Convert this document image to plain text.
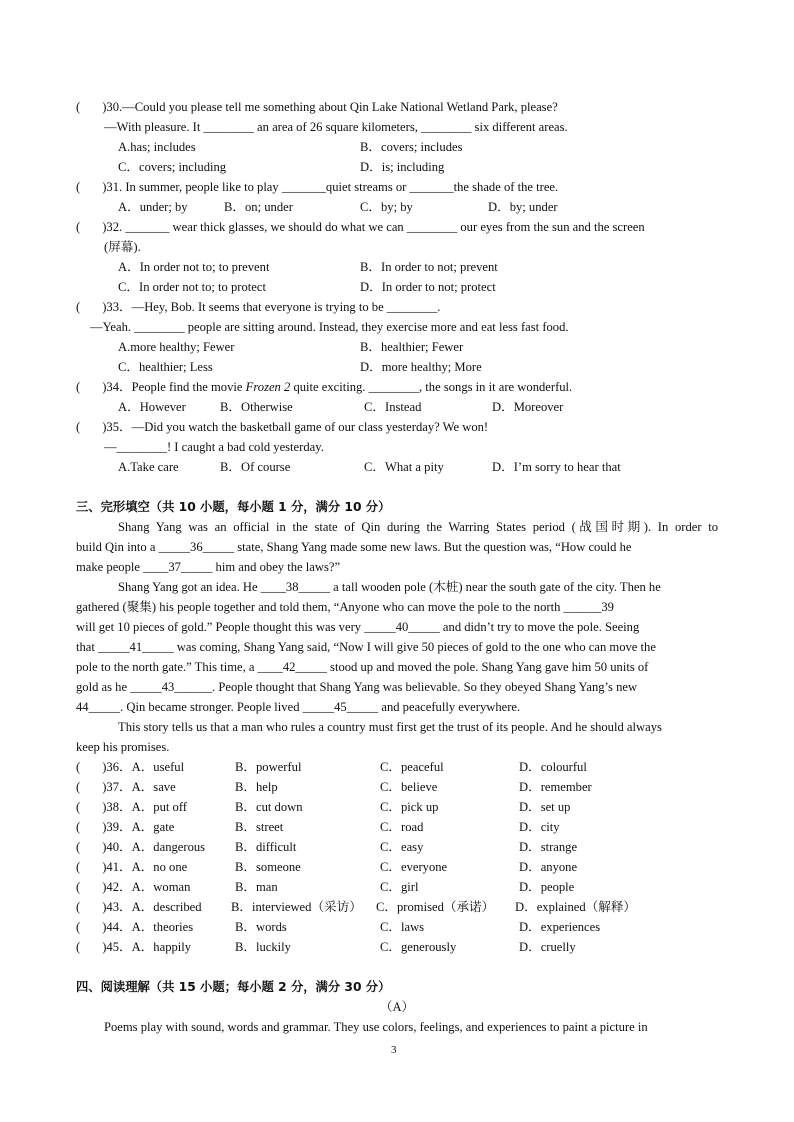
(       )30.—Could you please tell me something about Qin Lake National Wetland Park, please?
—With pleasure. It ________ an area of 26 square kilometers, ________ six different areas.
A.has; includes	B．covers; includes
C．covers; including	D．is; including
(       )31. In summer, people like to play _______quiet streams or _______the shade of the tree.
A．under; by	B．on; under	C．by; by	D．by; under
(       )32. _______ wear thick glasses, we should do what we can ________ our eyes from the sun and the screen
(屏幕).
A．In order not to; to prevent	B．In order to not; prevent
C．In order not to; to protect	D．In order to not; protect
(       )33．—Hey, Bob. It seems that everyone is trying to be ________.
—Yeah. ________ people are sitting around. Instead, they exercise more and eat less fast food.
A.more healthy; Fewer	B．healthier; Fewer
C．healthier; Less	D．more healthy; More
(       )34．People find the movie Frozen 2 quite exciting. ________, the songs in it are wonderful.
A．However	B．Otherwise	C．Instead	D．Moreover
(       )35．—Did you watch the basketball game of our class yesterday? We won!
—________! I caught a bad cold yesterday.
A.Take care	B．Of course	C．What a pity	D．I’m sorry to hear that
三、完形填空（共 10 小题，每小题 1 分，满分 10 分）
Shang Yang was an official in the state of Qin during the Warring States period (战国时期). In order to
build Qin into a _____36_____ state, Shang Yang made some new laws. But the question was, “How could he
make people ____37_____ him and obey the laws?”
Shang Yang got an idea. He ____38_____ a tall wooden pole (木桩) near the south gate of the city. Then he
gathered (聚集) his people together and told them, “Anyone who can move the pole to the north ______39
will get 10 pieces of gold.” People thought this was very _____40_____ and didn’t try to move the pole. Seeing
that _____41_____ was coming, Shang Yang said, “Now I will give 50 pieces of gold to the one who can move the
pole to the north gate.” This time, a ____42_____ stood up and moved the pole. Shang Yang gave him 50 units of
gold as he _____43______. People thought that Shang Yang was believable. So they obeyed Shang Yang’s new
44_____. Qin became stronger. People lived _____45_____ and peacefully everywhere.
This story tells us that a man who rules a country must first get the trust of its people. And he should always
keep his promises.
(       )36．A．useful	B．powerful	C．peaceful	D．colourful
(       )37．A．save	B．help	C．believe	D．remember
(       )38．A．put off	B．cut down	C．pick up	D．set up
(       )39．A．gate	B．street	C．road	D．city
(       )40．A．dangerous B．difficult	C．easy	D．strange
(       )41．A．no one	B．someone	C．everyone	D．anyone
(       )42．A．woman	B．man	C．girl	D．people
(       )43．A．described B．interviewed（采访） C．promised（承诺） D．explained（解释）
(       )44．A．theories	B．words	C．laws	D．experiences
(       )45．A．happily	B．luckily	C．generously	D．cruelly
四、阅读理解（共 15 小题；每小题 2 分，满分 30 分）
（A）
Poems play with sound, words and grammar. They use colors, feelings, and experiences to paint a picture in
3
